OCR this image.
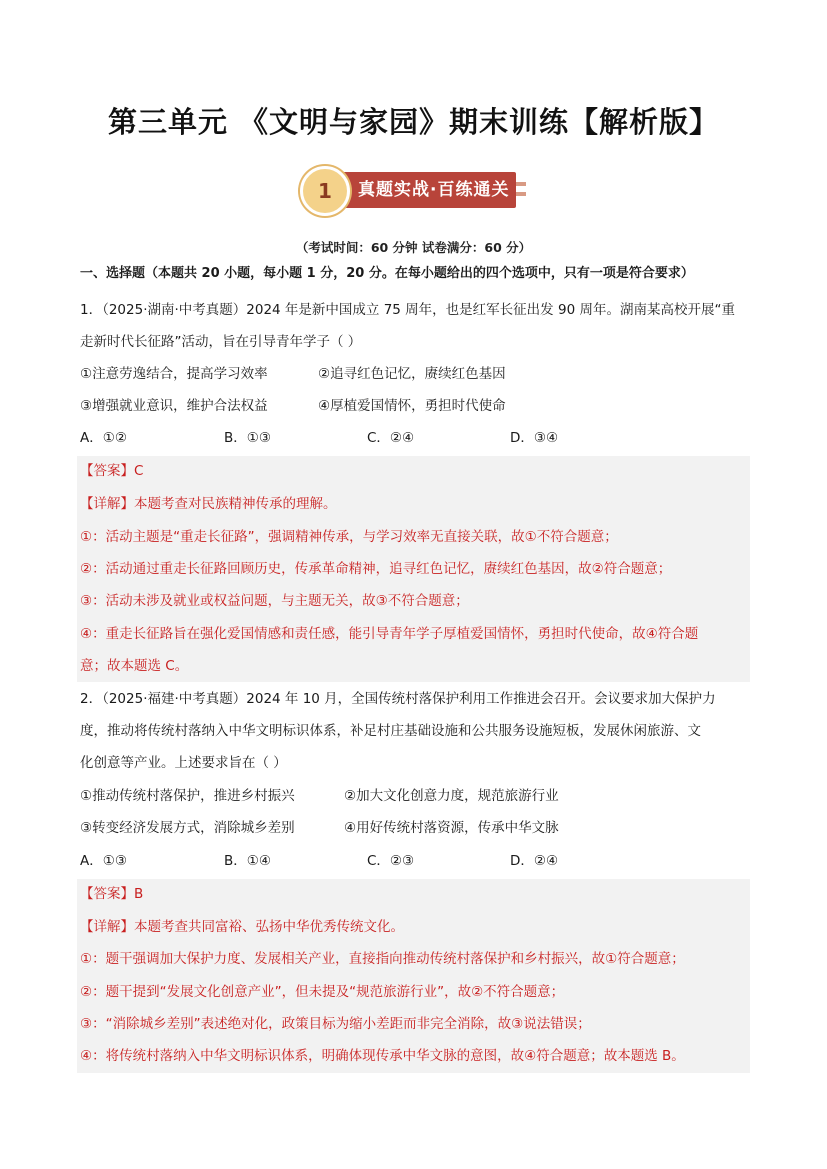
第三单元 《文明与家园》期末训练【解析版】
1	真题实战·百练通关
（考试时间：60 分钟 试卷满分：60 分）
一、选择题（本题共 20 小题，每小题 1 分，20 分。在每小题给出的四个选项中，只有一项是符合要求）
1．（2025·湖南·中考真题）2024 年是新中国成立 75 周年，也是红军长征出发 90 周年。湖南某高校开展“重
走新时代长征路”活动，旨在引导青年学子（ ）
①注意劳逸结合，提高学习效率	②追寻红色记忆，赓续红色基因
③增强就业意识，维护合法权益	④厚植爱国情怀，勇担时代使命
A．①②	B．①③	C．②④	D．③④
【答案】C
【详解】本题考查对民族精神传承的理解。
①：活动主题是“重走长征路”，强调精神传承，与学习效率无直接关联，故①不符合题意；
②：活动通过重走长征路回顾历史，传承革命精神，追寻红色记忆，赓续红色基因，故②符合题意；
③：活动未涉及就业或权益问题，与主题无关，故③不符合题意；
④：重走长征路旨在强化爱国情感和责任感，能引导青年学子厚植爱国情怀，勇担时代使命，故④符合题
意；故本题选 C。
2．（2025·福建·中考真题）2024 年 10 月，全国传统村落保护利用工作推进会召开。会议要求加大保护力
度，推动将传统村落纳入中华文明标识体系，补足村庄基础设施和公共服务设施短板，发展休闲旅游、文
化创意等产业。上述要求旨在（ ）
①推动传统村落保护，推进乡村振兴	②加大文化创意力度，规范旅游行业
③转变经济发展方式，消除城乡差别	④用好传统村落资源，传承中华文脉
A．①③	B．①④	C．②③	D．②④
【答案】B
【详解】本题考查共同富裕、弘扬中华优秀传统文化。
①：题干强调加大保护力度、发展相关产业，直接指向推动传统村落保护和乡村振兴，故①符合题意；
②：题干提到“发展文化创意产业”，但未提及“规范旅游行业”，故②不符合题意；
③：“消除城乡差别”表述绝对化，政策目标为缩小差距而非完全消除，故③说法错误；
④：将传统村落纳入中华文明标识体系，明确体现传承中华文脉的意图，故④符合题意；故本题选 B。
